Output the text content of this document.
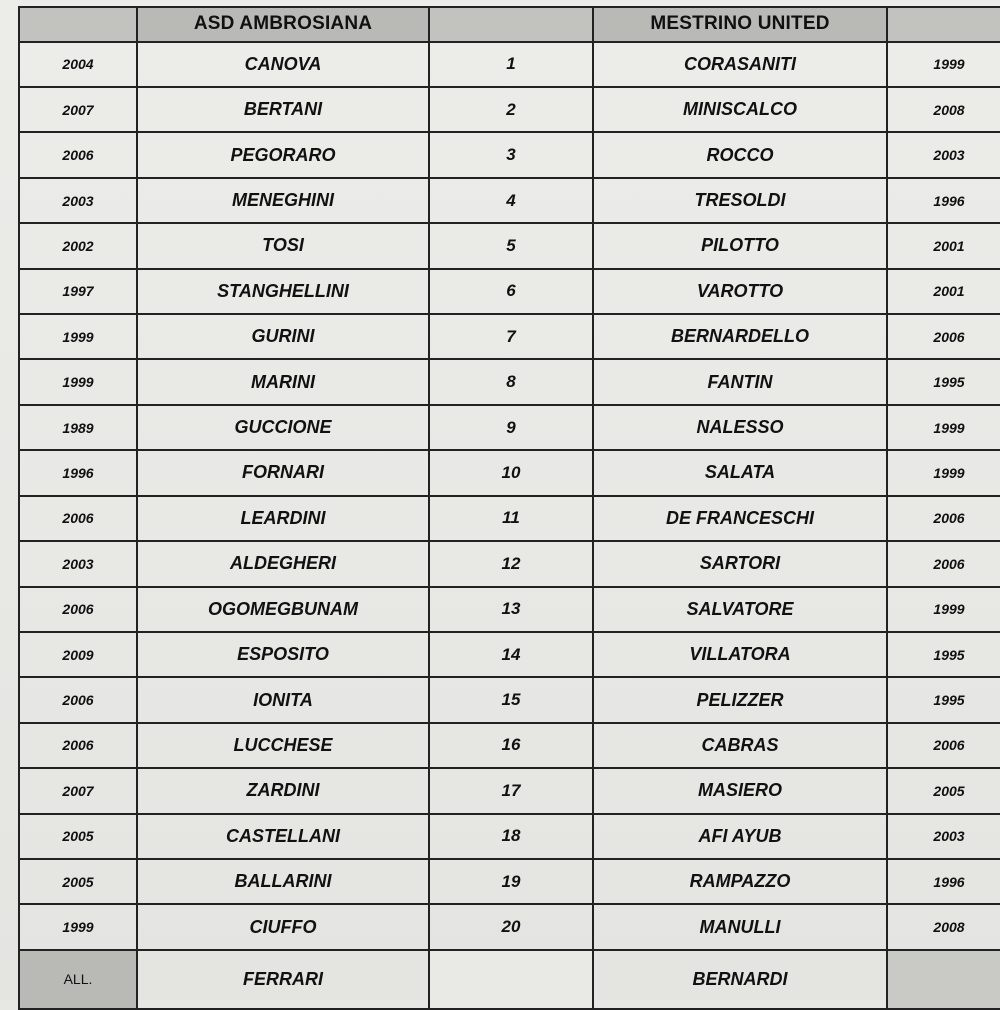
	ASD AMBROSIANA		MESTRINO UNITED	
2004	CANOVA	1	CORASANITI	1999
2007	BERTANI	2	MINISCALCO	2008
2006	PEGORARO	3	ROCCO	2003
2003	MENEGHINI	4	TRESOLDI	1996
2002	TOSI	5	PILOTTO	2001
1997	STANGHELLINI	6	VAROTTO	2001
1999	GURINI	7	BERNARDELLO	2006
1999	MARINI	8	FANTIN	1995
1989	GUCCIONE	9	NALESSO	1999
1996	FORNARI	10	SALATA	1999
2006	LEARDINI	11	DE FRANCESCHI	2006
2003	ALDEGHERI	12	SARTORI	2006
2006	OGOMEGBUNAM	13	SALVATORE	1999
2009	ESPOSITO	14	VILLATORA	1995
2006	IONITA	15	PELIZZER	1995
2006	LUCCHESE	16	CABRAS	2006
2007	ZARDINI	17	MASIERO	2005
2005	CASTELLANI	18	AFI AYUB	2003
2005	BALLARINI	19	RAMPAZZO	1996
1999	CIUFFO	20	MANULLI	2008
ALL.	FERRARI		BERNARDI	
